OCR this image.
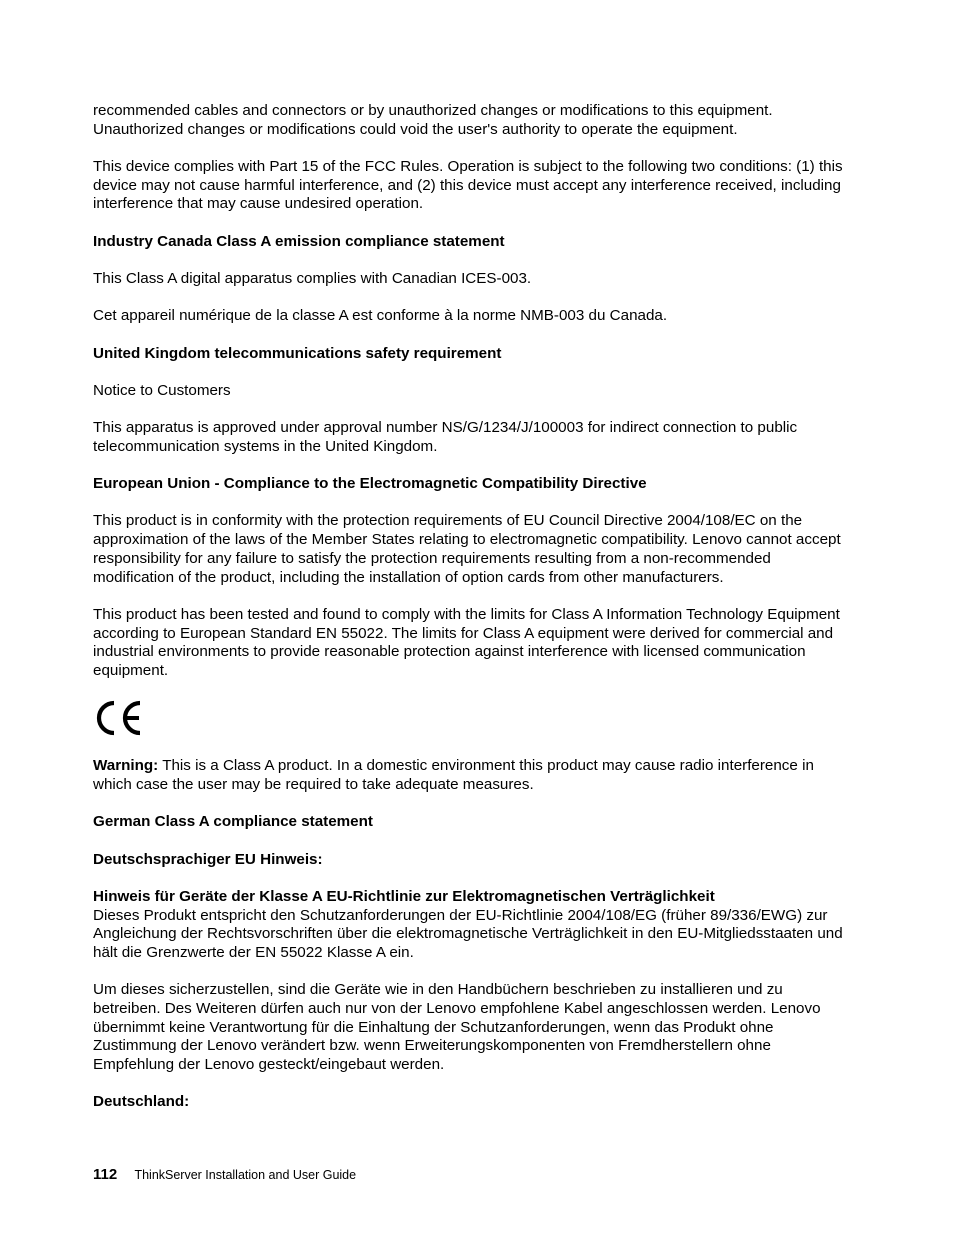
recommended cables and connectors or by unauthorized changes or modifications to this equipment. Unauthorized changes or modifications could void the user's authority to operate the equipment.

This device complies with Part 15 of the FCC Rules. Operation is subject to the following two conditions: (1) this device may not cause harmful interference, and (2) this device must accept any interference received, including interference that may cause undesired operation.

Industry Canada Class A emission compliance statement

This Class A digital apparatus complies with Canadian ICES-003.

Cet appareil numérique de la classe A est conforme à la norme NMB-003 du Canada.

United Kingdom telecommunications safety requirement

Notice to Customers

This apparatus is approved under approval number NS/G/1234/J/100003 for indirect connection to public telecommunication systems in the United Kingdom.

European Union - Compliance to the Electromagnetic Compatibility Directive

This product is in conformity with the protection requirements of EU Council Directive 2004/108/EC on the approximation of the laws of the Member States relating to electromagnetic compatibility. Lenovo cannot accept responsibility for any failure to satisfy the protection requirements resulting from a non-recommended modification of the product, including the installation of option cards from other manufacturers.

This product has been tested and found to comply with the limits for Class A Information Technology Equipment according to European Standard EN 55022. The limits for Class A equipment were derived for commercial and industrial environments to provide reasonable protection against interference with licensed communication equipment.

Warning: This is a Class A product. In a domestic environment this product may cause radio interference in which case the user may be required to take adequate measures.

German Class A compliance statement
Deutschsprachiger EU Hinweis:
Hinweis für Geräte der Klasse A EU-Richtlinie zur Elektromagnetischen Verträglichkeit

Dieses Produkt entspricht den Schutzanforderungen der EU-Richtlinie 2004/108/EG (früher 89/336/EWG) zur Angleichung der Rechtsvorschriften über die elektromagnetische Verträglichkeit in den EU-Mitgliedsstaaten und hält die Grenzwerte der EN 55022 Klasse A ein.

Um dieses sicherzustellen, sind die Geräte wie in den Handbüchern beschrieben zu installieren und zu betreiben. Des Weiteren dürfen auch nur von der Lenovo empfohlene Kabel angeschlossen werden. Lenovo übernimmt keine Verantwortung für die Einhaltung der Schutzanforderungen, wenn das Produkt ohne Zustimmung der Lenovo verändert bzw. wenn Erweiterungskomponenten von Fremdherstellern ohne Empfehlung der Lenovo gesteckt/eingebaut werden.

Deutschland:
112 ThinkServer Installation and User Guide
